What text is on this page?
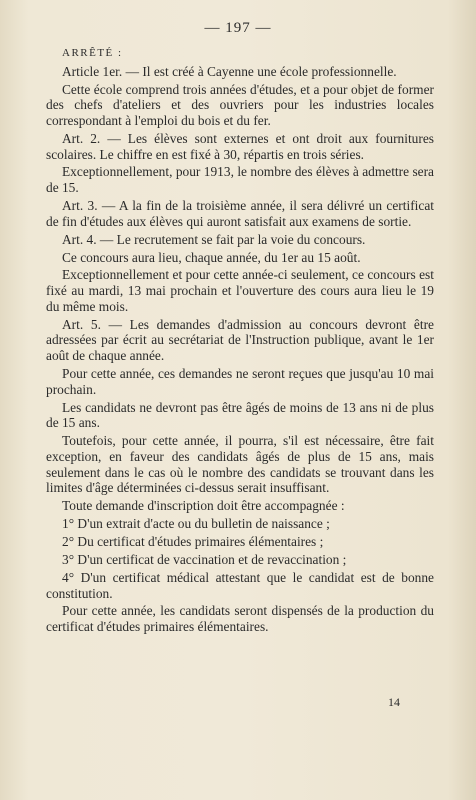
— 197 —

ARRÊTÉ :

Article 1er. — Il est créé à Cayenne une école professionnelle.

Cette école comprend trois années d'études, et a pour objet de former des chefs d'ateliers et des ouvriers pour les industries locales correspondant à l'emploi du bois et du fer.

Art. 2. — Les élèves sont externes et ont droit aux fournitures scolaires. Le chiffre en est fixé à 30, répartis en trois séries.

Exceptionnellement, pour 1913, le nombre des élèves à admettre sera de 15.

Art. 3. — A la fin de la troisième année, il sera délivré un certificat de fin d'études aux élèves qui auront satisfait aux examens de sortie.

Art. 4. — Le recrutement se fait par la voie du concours.

Ce concours aura lieu, chaque année, du 1er au 15 août.

Exceptionnellement et pour cette année-ci seulement, ce concours est fixé au mardi, 13 mai prochain et l'ouverture des cours aura lieu le 19 du même mois.

Art. 5. — Les demandes d'admission au concours devront être adressées par écrit au secrétariat de l'Instruction publique, avant le 1er août de chaque année.

Pour cette année, ces demandes ne seront reçues que jusqu'au 10 mai prochain.

Les candidats ne devront pas être âgés de moins de 13 ans ni de plus de 15 ans.

Toutefois, pour cette année, il pourra, s'il est nécessaire, être fait exception, en faveur des candidats âgés de plus de 15 ans, mais seulement dans le cas où le nombre des candidats se trouvant dans les limites d'âge déterminées ci-dessus serait insuffisant.

Toute demande d'inscription doit être accompagnée :

1° D'un extrait d'acte ou du bulletin de naissance ;

2° Du certificat d'études primaires élémentaires ;

3° D'un certificat de vaccination et de revaccination ;

4° D'un certificat médical attestant que le candidat est de bonne constitution.

Pour cette année, les candidats seront dispensés de la production du certificat d'études primaires élémentaires.

14
